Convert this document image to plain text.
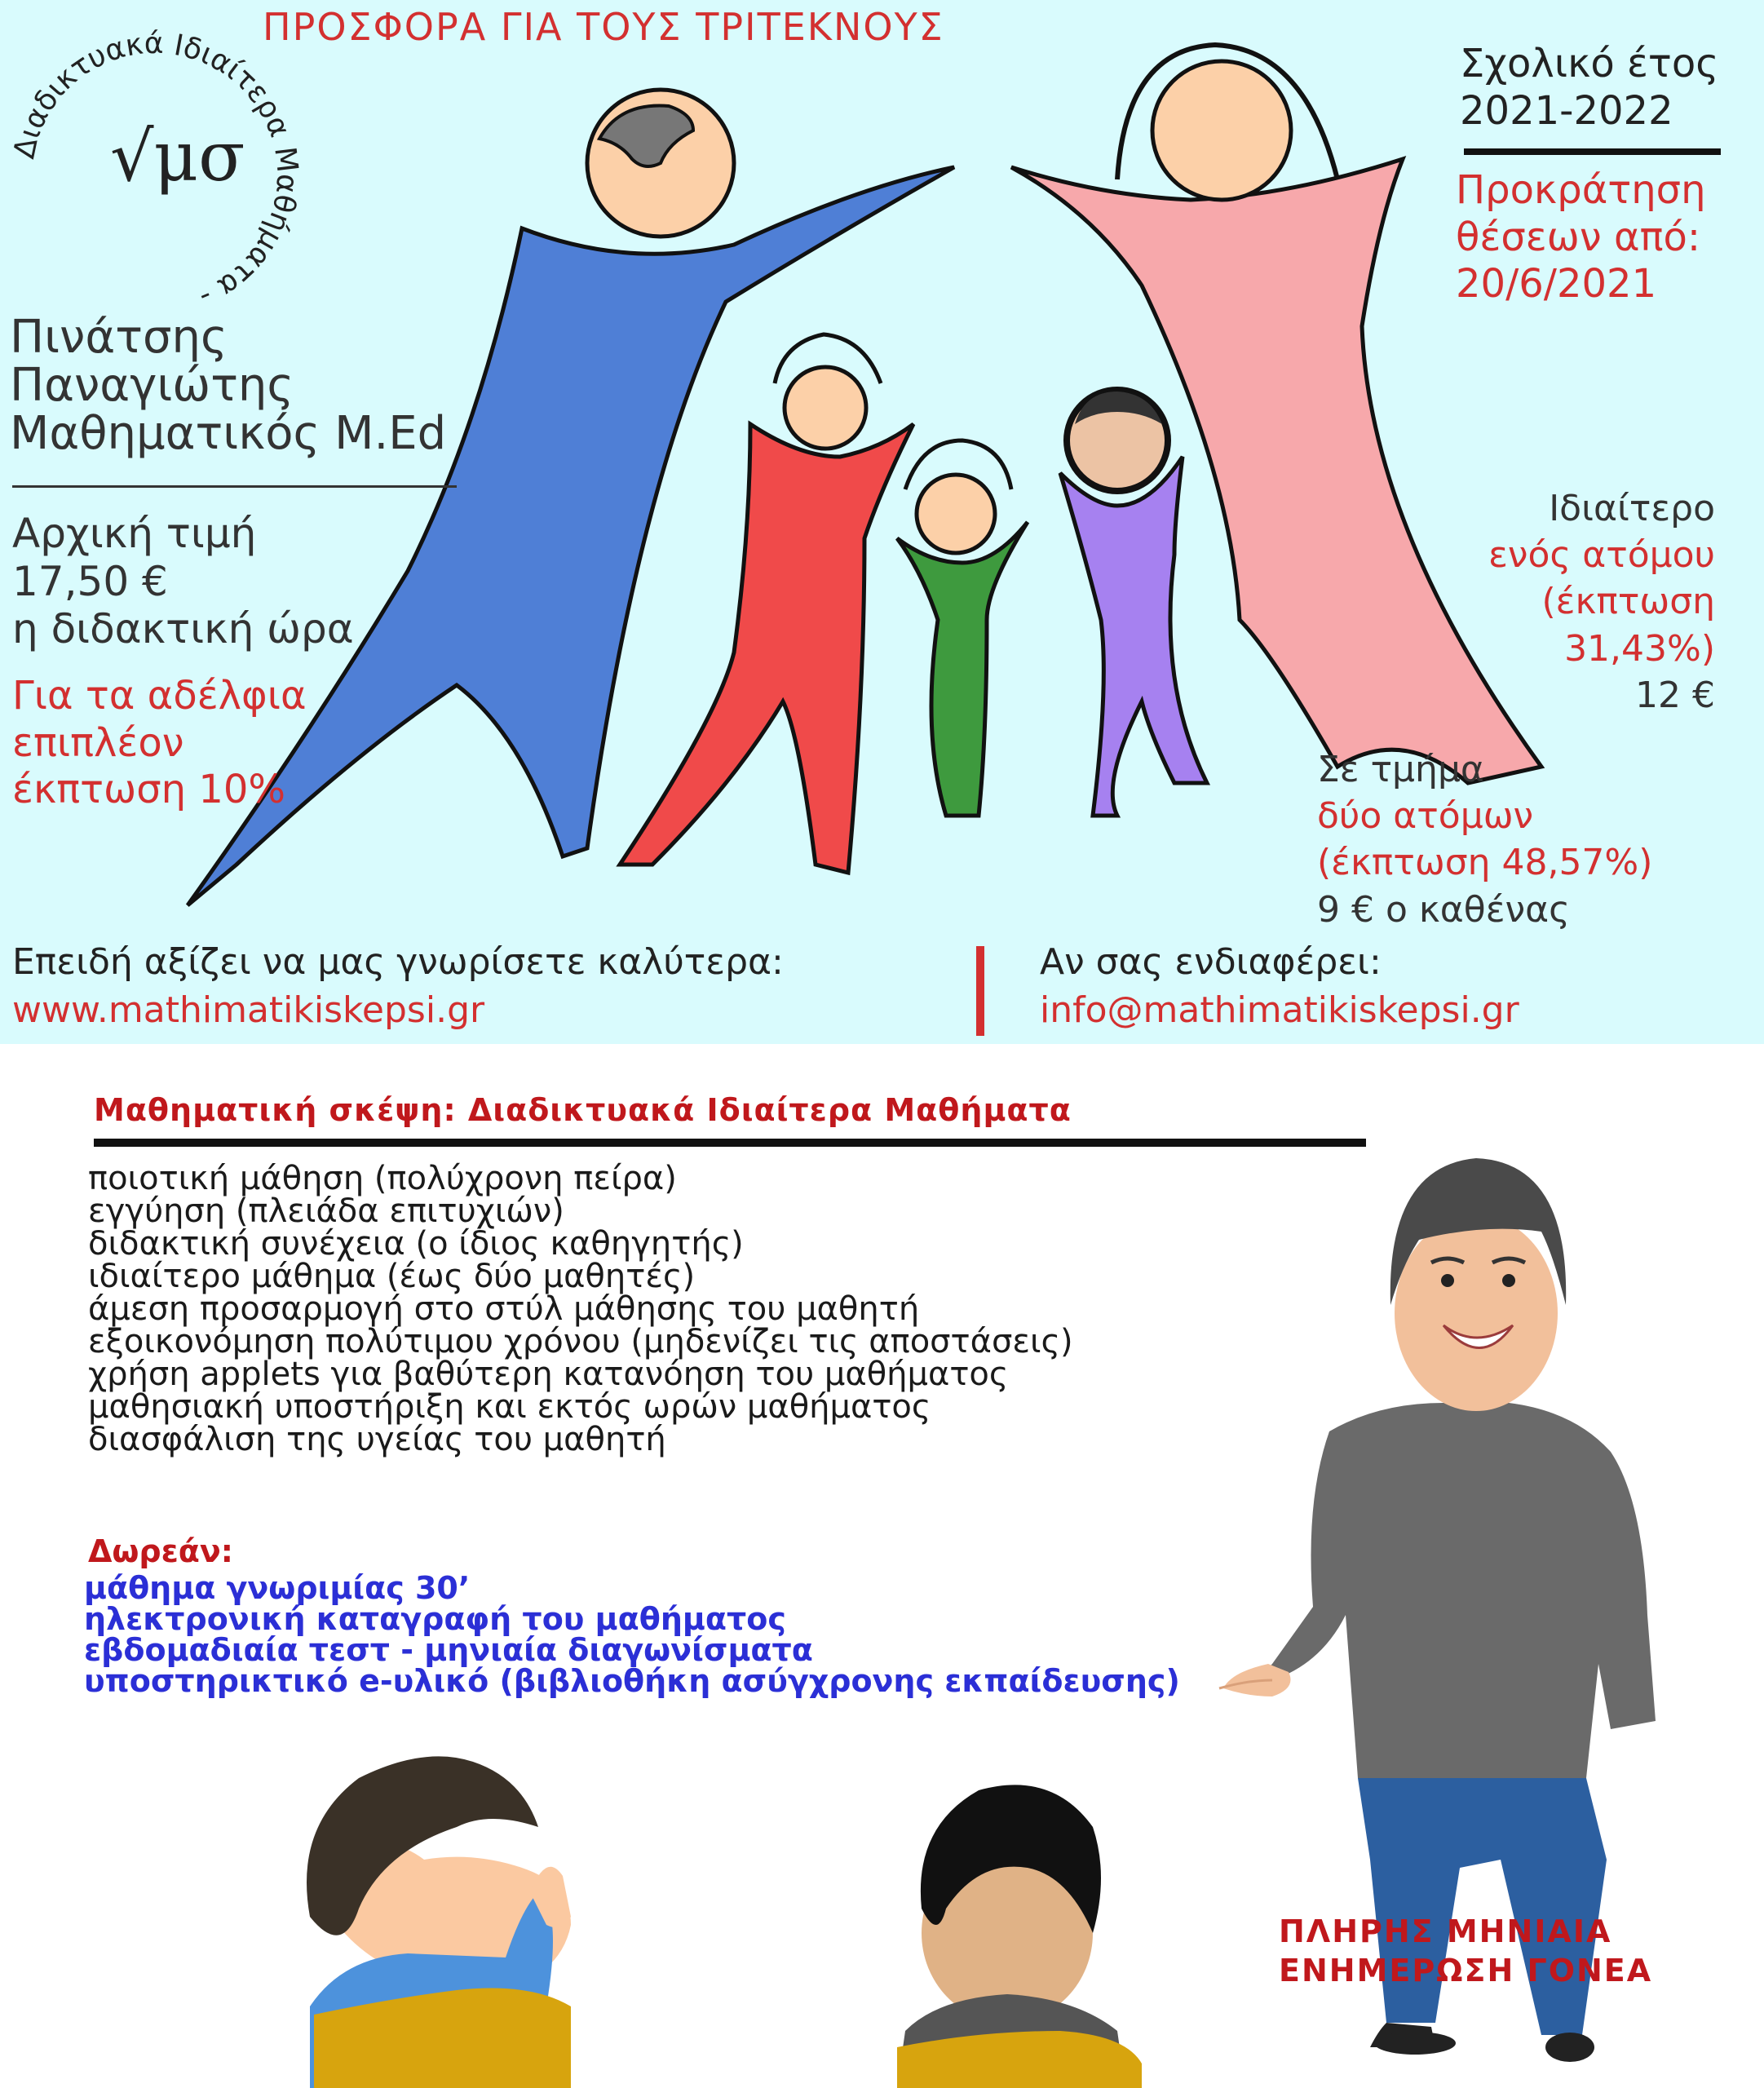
Διαδικτυακά Ιδιαίτερα Μαθήματα -
ΠΡΟΣΦΟΡΑ ΓΙΑ ΤΟΥΣ ΤΡΙΤΕΚΝΟΥΣ
√μσ
Πινάτσης
Παναγιώτης
Μαθηματικός M.Ed
Αρχική τιμή
17,50 €
η διδακτική ώρα
Για τα αδέλφια
επιπλέον
έκπτωση 10%
Σχολικό έτος
2021-2022
Προκράτηση
θέσεων από:
20/6/2021
Ιδιαίτερο
ενός ατόμου
(έκπτωση
31,43%)
12 €
Σε τμήμα
δύο ατόμων
(έκπτωση 48,57%)
9 € ο καθένας
Επειδή αξίζει να μας γνωρίσετε καλύτερα:
www.mathimatikiskepsi.gr
Αν σας ενδιαφέρει:
info@mathimatikiskepsi.gr
Μαθηματική σκέψη: Διαδικτυακά Ιδιαίτερα Μαθήματα
ποιοτική μάθηση (πολύχρονη πείρα)
εγγύηση (πλειάδα επιτυχιών)
διδακτική συνέχεια (ο ίδιος καθηγητής)
ιδιαίτερο μάθημα (έως δύο μαθητές)
άμεση προσαρμογή στο στύλ μάθησης του μαθητή
εξοικονόμηση πολύτιμου χρόνου (μηδενίζει τις αποστάσεις)
χρήση applets για βαθύτερη κατανόηση του μαθήματος
μαθησιακή υποστήριξη και εκτός ωρών μαθήματος
διασφάλιση της υγείας του μαθητή
Δωρεάν:
μάθημα γνωριμίας 30’
ηλεκτρονική καταγραφή του μαθήματος
εβδομαδιαία τεστ - μηνιαία διαγωνίσματα
υποστηρικτικό e-υλικό (βιβλιοθήκη ασύγχρονης εκπαίδευσης)
ΠΛΗΡΗΣ ΜΗΝΙΑΙΑ
ΕΝΗΜΕΡΩΣΗ ΓΟΝΕΑ
